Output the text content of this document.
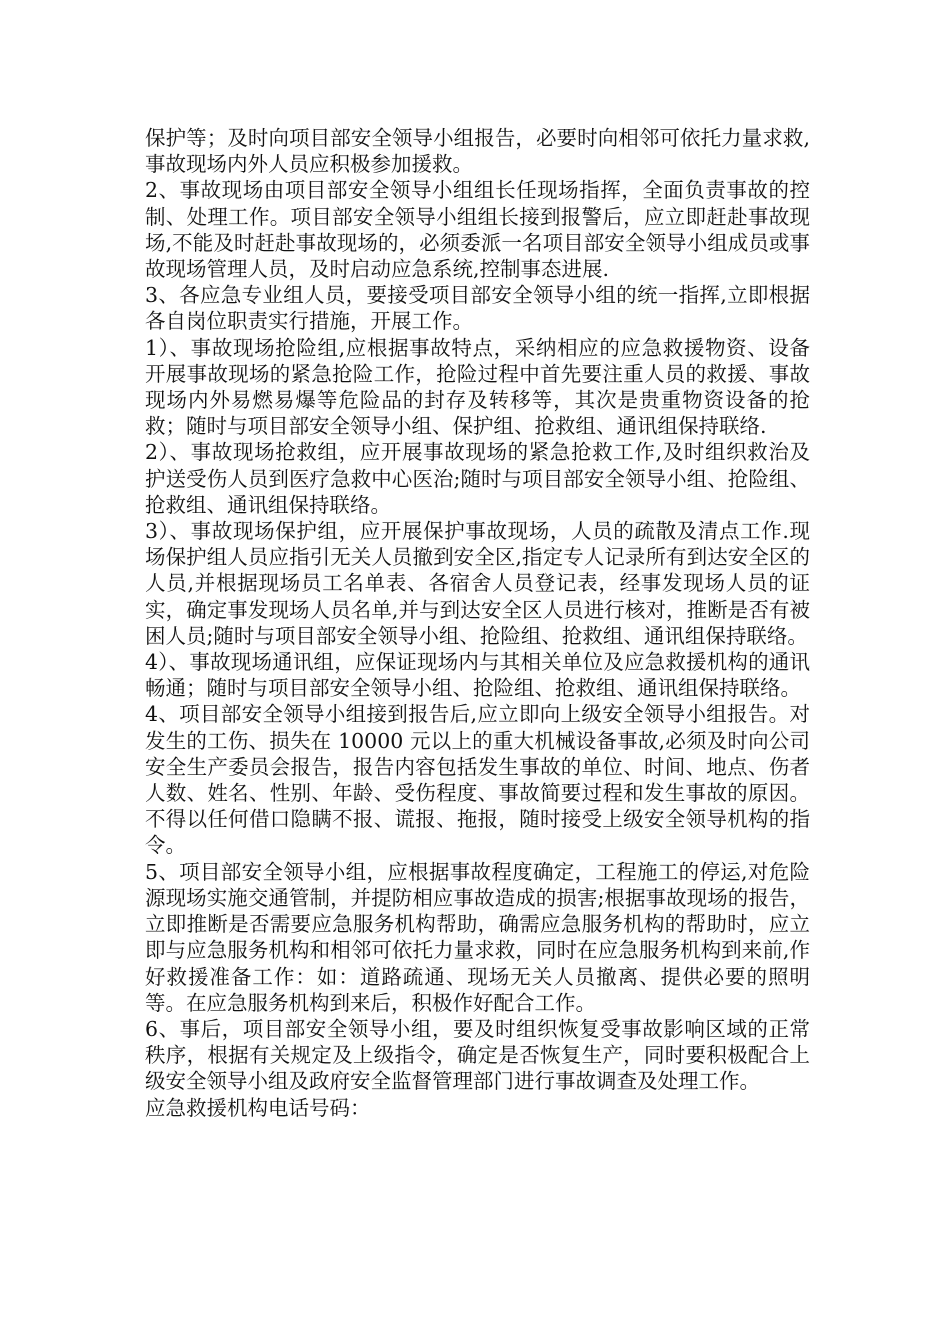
保护等；及时向项目部安全领导小组报告，必要时向相邻可依托力量求救,事故现场内外人员应积极参加援救。

2、事故现场由项目部安全领导小组组长任现场指挥，全面负责事故的控制、处理工作。项目部安全领导小组组长接到报警后，应立即赶赴事故现场,不能及时赶赴事故现场的，必须委派一名项目部安全领导小组成员或事故现场管理人员，及时启动应急系统,控制事态进展.

3、各应急专业组人员，要接受项目部安全领导小组的统一指挥,立即根据各自岗位职责实行措施，开展工作。

1）、事故现场抢险组,应根据事故特点，采纳相应的应急救援物资、设备开展事故现场的紧急抢险工作，抢险过程中首先要注重人员的救援、事故现场内外易燃易爆等危险品的封存及转移等，其次是贵重物资设备的抢救；随时与项目部安全领导小组、保护组、抢救组、通讯组保持联络.

2）、事故现场抢救组，应开展事故现场的紧急抢救工作,及时组织救治及护送受伤人员到医疗急救中心医治;随时与项目部安全领导小组、抢险组、抢救组、通讯组保持联络。

3）、事故现场保护组，应开展保护事故现场，人员的疏散及清点工作.现场保护组人员应指引无关人员撤到安全区,指定专人记录所有到达安全区的人员,并根据现场员工名单表、各宿舍人员登记表，经事发现场人员的证实，确定事发现场人员名单,并与到达安全区人员进行核对，推断是否有被困人员;随时与项目部安全领导小组、抢险组、抢救组、通讯组保持联络。

4）、事故现场通讯组，应保证现场内与其相关单位及应急救援机构的通讯畅通；随时与项目部安全领导小组、抢险组、抢救组、通讯组保持联络。

4、项目部安全领导小组接到报告后,应立即向上级安全领导小组报告。对发生的工伤、损失在 10000 元以上的重大机械设备事故,必须及时向公司安全生产委员会报告，报告内容包括发生事故的单位、时间、地点、伤者人数、姓名、性别、年龄、受伤程度、事故简要过程和发生事故的原因。不得以任何借口隐瞒不报、谎报、拖报，随时接受上级安全领导机构的指令。

5、项目部安全领导小组，应根据事故程度确定，工程施工的停运,对危险源现场实施交通管制，并提防相应事故造成的损害;根据事故现场的报告，立即推断是否需要应急服务机构帮助，确需应急服务机构的帮助时，应立即与应急服务机构和相邻可依托力量求救，同时在应急服务机构到来前,作好救援准备工作：如：道路疏通、现场无关人员撤离、提供必要的照明等。在应急服务机构到来后，积极作好配合工作。

6、事后，项目部安全领导小组，要及时组织恢复受事故影响区域的正常秩序，根据有关规定及上级指令，确定是否恢复生产，同时要积极配合上级安全领导小组及政府安全监督管理部门进行事故调查及处理工作。

应急救援机构电话号码：
